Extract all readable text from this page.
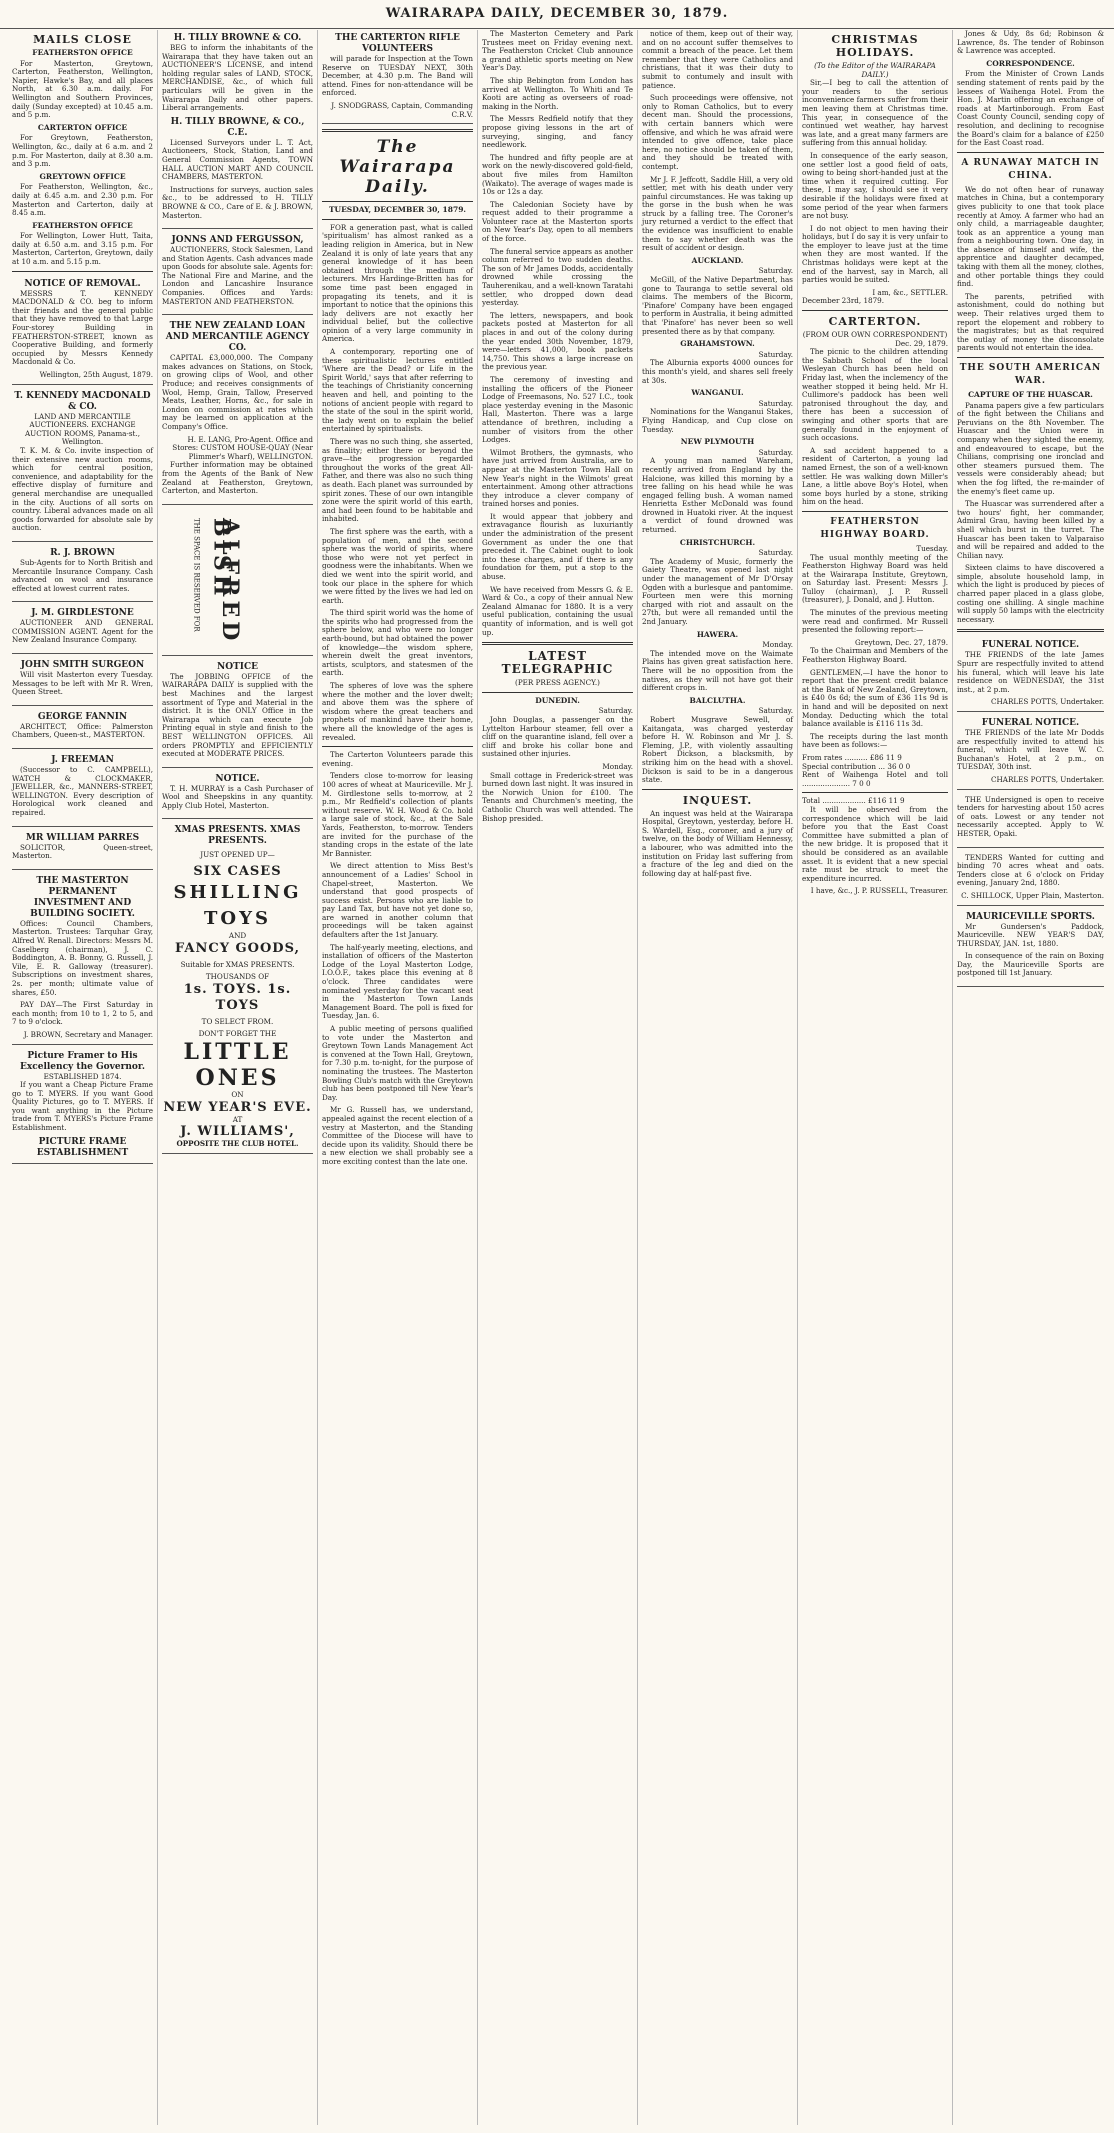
WAIRARAPA DAILY, DECEMBER 30, 1879.
MAILS CLOSE
FEATHERSTON OFFICE

For Masterton, Greytown, Carterton, Featherston, Wellington, Napier, Hawke's Bay, and all places North, at 6.30 a.m. daily. For Wellington and Southern Provinces, daily (Sunday excepted) at 10.45 a.m. and 5 p.m.

CARTERTON OFFICE

For Greytown, Featherston, Wellington, &c., daily at 6 a.m. and 2 p.m. For Masterton, daily at 8.30 a.m. and 3 p.m.

GREYTOWN OFFICE

For Featherston, Wellington, &c., daily at 6.45 a.m. and 2.30 p.m. For Masterton and Carterton, daily at 8.45 a.m.

FEATHERSTON OFFICE

For Wellington, Lower Hutt, Taita, daily at 6.50 a.m. and 3.15 p.m. For Masterton, Carterton, Greytown, daily at 10 a.m. and 5.15 p.m.

NOTICE OF REMOVAL.

MESSRS T. KENNEDY MACDONALD & CO. beg to inform their friends and the general public that they have removed to that Large Four-storey Building in FEATHERSTON-STREET, known as Cooperative Building, and formerly occupied by Messrs Kennedy Macdonald & Co.

Wellington, 25th August, 1879.
T. KENNEDY MACDONALD & CO.
LAND AND MERCANTILE AUCTIONEERS. EXCHANGE AUCTION ROOMS, Panama-st., Wellington.

T. K. M. & Co. invite inspection of their extensive new auction rooms, which for central position, convenience, and adaptability for the effective display of furniture and general merchandise are unequalled in the city. Auctions of all sorts on country. Liberal advances made on all goods forwarded for absolute sale by auction.

R. J. BROWN

Sub-Agents for to North British and Mercantile Insurance Company. Cash advanced on wool and insurance effected at lowest current rates.

J. M. GIRDLESTONE

AUCTIONEER AND GENERAL COMMISSION AGENT. Agent for the New Zealand Insurance Company.

JOHN SMITH SURGEON

Will visit Masterton every Tuesday. Messages to be left with Mr R. Wren, Queen Street.

GEORGE FANNIN

ARCHITECT, Office: Palmerston Chambers, Queen-st., MASTERTON.

J. FREEMAN

(Successor to C. CAMPBELL), WATCH & CLOCKMAKER, JEWELLER, &c., MANNERS-STREET, WELLINGTON. Every description of Horological work cleaned and repaired.

MR WILLIAM PARRES

SOLICITOR, Queen-street, Masterton.

THE MASTERTON PERMANENT INVESTMENT AND BUILDING SOCIETY.

Offices: Council Chambers, Masterton. Trustees: Tarquhar Gray, Alfred W. Renall. Directors: Messrs M. Caselberg (chairman), J. C. Boddington, A. B. Bonny, G. Russell, J. Vile, E. R. Galloway (treasurer). Subscriptions on investment shares, 2s. per month; ultimate value of shares, £50.

PAY DAY—The First Saturday in each month; from 10 to 1, 2 to 5, and 7 to 9 o'clock.

J. BROWN, Secretary and Manager.
Picture Framer to His Excellency the Governor.
ESTABLISHED 1874.

If you want a Cheap Picture Frame go to T. MYERS. If you want Good Quality Pictures, go to T. MYERS. If you want anything in the Picture trade from T. MYERS's Picture Frame Establishment.

PICTURE FRAME ESTABLISHMENT
H. TILLY BROWNE & CO.

BEG to inform the inhabitants of the Wairarapa that they have taken out an AUCTIONEER'S LICENSE, and intend holding regular sales of LAND, STOCK, MERCHANDISE, &c., of which full particulars will be given in the Wairarapa Daily and other papers. Liberal arrangements.

H. TILLY BROWNE, & CO., C.E.

Licensed Surveyors under L. T. Act, Auctioneers, Stock, Station, Land and General Commission Agents, TOWN HALL AUCTION MART AND COUNCIL CHAMBERS, MASTERTON.

Instructions for surveys, auction sales &c., to be addressed to H. TILLY BROWNE & CO., Care of E. & J. BROWN, Masterton.

JONNS AND FERGUSSON,

AUCTIONEERS, Stock Salesmen, Land and Station Agents. Cash advances made upon Goods for absolute sale. Agents for: The National Fire and Marine, and the London and Lancashire Insurance Companies. Offices and Yards: MASTERTON AND FEATHERSTON.

THE NEW ZEALAND LOAN AND MERCANTILE AGENCY CO.

CAPITAL £3,000,000. The Company makes advances on Stations, on Stock, on growing clips of Wool, and other Produce; and receives consignments of Wool, Hemp, Grain, Tallow, Preserved Meats, Leather, Horns, &c., for sale in London on commission at rates which may be learned on application at the Company's Office.

H. E. LANG, Pro-Agent. Office and Stores: CUSTOM HOUSE-QUAY (Near Plimmer's Wharf), WELLINGTON.

Further information may be obtained from the Agents of the Bank of New Zealand at Featherston, Greytown, Carterton, and Masterton.

THE SPACE IS RESERVED FOR ALFRED BISH
NOTICE

The JOBBING OFFICE of the WAIRARAPA DAILY is supplied with the best Machines and the largest assortment of Type and Material in the district. It is the ONLY Office in the Wairarapa which can execute Job Printing equal in style and finish to the BEST WELLINGTON OFFICES. All orders PROMPTLY and EFFICIENTLY executed at MODERATE PRICES.

NOTICE.

T. H. MURRAY is a Cash Purchaser of Wool and Sheepskins in any quantity. Apply Club Hotel, Masterton.

XMAS PRESENTS. XMAS PRESENTS.
JUST OPENED UP—
SIX CASES
SHILLING TOYS
AND
FANCY GOODS,
Suitable for XMAS PRESENTS.
THOUSANDS OF
1s. TOYS. 1s. TOYS
TO SELECT FROM.
DON'T FORGET THE
LITTLE ONES
ON
NEW YEAR'S EVE.
AT
J. WILLIAMS',
OPPOSITE THE CLUB HOTEL.
THE CARTERTON RIFLE VOLUNTEERS

will parade for Inspection at the Town Reserve on TUESDAY NEXT, 30th December, at 4.30 p.m. The Band will attend. Fines for non-attendance will be enforced.

J. SNODGRASS, Captain, Commanding C.R.V.
The Wairarapa Daily.
TUESDAY, DECEMBER 30, 1879.

FOR a generation past, what is called 'spiritualism' has almost ranked as a leading religion in America, but in New Zealand it is only of late years that any general knowledge of it has been obtained through the medium of lecturers. Mrs Hardinge-Britten has for some time past been engaged in propagating its tenets, and it is important to notice that the opinions this lady delivers are not exactly her individual belief, but the collective opinion of a very large community in America.

A contemporary, reporting one of these spiritualistic lectures entitled 'Where are the Dead? or Life in the Spirit World,' says that after referring to the teachings of Christianity concerning heaven and hell, and pointing to the notions of ancient people with regard to the state of the soul in the spirit world, the lady went on to explain the belief entertained by spiritualists.

There was no such thing, she asserted, as finality; either there or beyond the grave—the progression regarded throughout the works of the great All-Father, and there was also no such thing as death. Each planet was surrounded by spirit zones. These of our own intangible zone were the spirit world of this earth, and had been found to be habitable and inhabited.

The first sphere was the earth, with a population of men, and the second sphere was the world of spirits, where those who were not yet perfect in goodness were the inhabitants. When we died we went into the spirit world, and took our place in the sphere for which we were fitted by the lives we had led on earth.

The third spirit world was the home of the spirits who had progressed from the sphere below, and who were no longer earth-bound, but had obtained the power of knowledge—the wisdom sphere, wherein dwelt the great inventors, artists, sculptors, and statesmen of the earth.

The spheres of love was the sphere where the mother and the lover dwelt; and above them was the sphere of wisdom where the great teachers and prophets of mankind have their home, where all the knowledge of the ages is revealed.

The Carterton Volunteers parade this evening.

Tenders close to-morrow for leasing 100 acres of wheat at Mauriceville. Mr J. M. Girdlestone sells to-morrow, at 2 p.m., Mr Redfield's collection of plants without reserve. W. H. Wood & Co. hold a large sale of stock, &c., at the Sale Yards, Featherston, to-morrow. Tenders are invited for the purchase of the standing crops in the estate of the late Mr Bannister.

We direct attention to Miss Best's announcement of a Ladies' School in Chapel-street, Masterton. We understand that good prospects of success exist. Persons who are liable to pay Land Tax, but have not yet done so, are warned in another column that proceedings will be taken against defaulters after the 1st January.

The half-yearly meeting, elections, and installation of officers of the Masterton Lodge of the Loyal Masterton Lodge, I.O.O.F., takes place this evening at 8 o'clock. Three candidates were nominated yesterday for the vacant seat in the Masterton Town Lands Management Board. The poll is fixed for Tuesday, Jan. 6.

A public meeting of persons qualified to vote under the Masterton and Greytown Town Lands Management Act is convened at the Town Hall, Greytown, for 7.30 p.m. to-night, for the purpose of nominating the trustees. The Masterton Bowling Club's match with the Greytown club has been postponed till New Year's Day.

Mr G. Russell has, we understand, appealed against the recent election of a vestry at Masterton, and the Standing Committee of the Diocese will have to decide upon its validity. Should there be a new election we shall probably see a more exciting contest than the late one.

The Masterton Cemetery and Park Trustees meet on Friday evening next. The Featherston Cricket Club announce a grand athletic sports meeting on New Year's Day.

The ship Bebington from London has arrived at Wellington. To Whiti and Te Kooti are acting as overseers of road-making in the North.

The Messrs Redfield notify that they propose giving lessons in the art of surveying, singing, and fancy needlework.

The hundred and fifty people are at work on the newly-discovered gold-field, about five miles from Hamilton (Waikato). The average of wages made is 10s or 12s a day.

The Caledonian Society have by request added to their programme a Volunteer race at the Masterton sports on New Year's Day, open to all members of the force.

The funeral service appears as another column referred to two sudden deaths. The son of Mr James Dodds, accidentally drowned while crossing the Tauherenikau, and a well-known Taratahi settler, who dropped down dead yesterday.

The letters, newspapers, and book packets posted at Masterton for all places in and out of the colony during the year ended 30th November, 1879, were—letters 41,000, book packets 14,750. This shows a large increase on the previous year.

The ceremony of investing and installing the officers of the Pioneer Lodge of Freemasons, No. 527 I.C., took place yesterday evening in the Masonic Hall, Masterton. There was a large attendance of brethren, including a number of visitors from the other Lodges.

Wilmot Brothers, the gymnasts, who have just arrived from Australia, are to appear at the Masterton Town Hall on New Year's night in the Wilmots' great entertainment. Among other attractions they introduce a clever company of trained horses and ponies.

It would appear that jobbery and extravagance flourish as luxuriantly under the administration of the present Government as under the one that preceded it. The Cabinet ought to look into these charges, and if there is any foundation for them, put a stop to the abuse.

We have received from Messrs G. & E. Ward & Co., a copy of their annual New Zealand Almanac for 1880. It is a very useful publication, containing the usual quantity of information, and is well got up.

LATEST TELEGRAPHIC
(PER PRESS AGENCY.)
DUNEDIN.
Saturday.

John Douglas, a passenger on the Lyttelton Harbour steamer, fell over a cliff on the quarantine island, fell over a cliff and broke his collar bone and sustained other injuries.

Monday.

Small cottage in Frederick-street was burned down last night. It was insured in the Norwich Union for £100. The Tenants and Churchmen's meeting, the Catholic Church was well attended. The Bishop presided.

notice of them, keep out of their way, and on no account suffer themselves to commit a breach of the peace. Let them remember that they were Catholics and christians, that it was their duty to submit to contumely and insult with patience.

Such proceedings were offensive, not only to Roman Catholics, but to every decent man. Should the processions, with certain banners which were offensive, and which he was afraid were intended to give offence, take place here, no notice should be taken of them, and they should be treated with contempt.

Mr J. F. Jeffcott, Saddle Hill, a very old settler, met with his death under very painful circumstances. He was taking up the gorse in the bush when he was struck by a falling tree. The Coroner's jury returned a verdict to the effect that the evidence was insufficient to enable them to say whether death was the result of accident or design.

AUCKLAND.
Saturday.

McGill, of the Native Department, has gone to Tauranga to settle several old claims. The members of the Bicorm, 'Pinafore' Company have been engaged to perform in Australia, it being admitted that 'Pinafore' has never been so well presented there as by that company.

GRAHAMSTOWN.
Saturday.

The Alburnia exports 4000 ounces for this month's yield, and shares sell freely at 30s.

WANGANUI.
Saturday.

Nominations for the Wanganui Stakes, Flying Handicap, and Cup close on Tuesday.

NEW PLYMOUTH
Saturday.

A young man named Wareham, recently arrived from England by the Halcione, was killed this morning by a tree falling on his head while he was engaged felling bush. A woman named Henrietta Esther McDonald was found drowned in Huatoki river. At the inquest a verdict of found drowned was returned.

CHRISTCHURCH.
Saturday.

The Academy of Music, formerly the Gaiety Theatre, was opened last night under the management of Mr D'Orsay Ogden with a burlesque and pantomime. Fourteen men were this morning charged with riot and assault on the 27th, but were all remanded until the 2nd January.

HAWERA.
Monday.

The intended move on the Waimate Plains has given great satisfaction here. There will be no opposition from the natives, as they will not have got their different crops in.

BALCLUTHA.
Saturday.

Robert Musgrave Sewell, of Kaitangata, was charged yesterday before H. W. Robinson and Mr J. S. Fleming, J.P., with violently assaulting Robert Dickson, a blacksmith, by striking him on the head with a shovel. Dickson is said to be in a dangerous state.

INQUEST.

An inquest was held at the Wairarapa Hospital, Greytown, yesterday, before H. S. Wardell, Esq., coroner, and a jury of twelve, on the body of William Hennessy, a labourer, who was admitted into the institution on Friday last suffering from a fracture of the leg and died on the following day at half-past five.

CHRISTMAS HOLIDAYS.
(To the Editor of the WAIRARAPA DAILY.)

Sir,—I beg to call the attention of your readers to the serious inconvenience farmers suffer from their men leaving them at Christmas time. This year, in consequence of the continued wet weather, hay harvest was late, and a great many farmers are suffering from this annual holiday.

In consequence of the early season, one settler lost a good field of oats, owing to being short-handed just at the time when it required cutting. For these, I may say, I should see it very desirable if the holidays were fixed at some period of the year when farmers are not busy.

I do not object to men having their holidays, but I do say it is very unfair to the employer to leave just at the time when they are most wanted. If the Christmas holidays were kept at the end of the harvest, say in March, all parties would be suited.

I am, &c., SETTLER.
December 23rd, 1879.
CARTERTON.
(FROM OUR OWN CORRESPONDENT)
Dec. 29, 1879.

The picnic to the children attending the Sabbath School of the local Wesleyan Church has been held on Friday last, when the inclemency of the weather stopped it being held. Mr H. Cullimore's paddock has been well patronised throughout the day, and there has been a succession of swinging and other sports that are generally found in the enjoyment of such occasions.

A sad accident happened to a resident of Carterton, a young lad named Ernest, the son of a well-known settler. He was walking down Miller's Lane, a little above Boy's Hotel, when some boys hurled by a stone, striking him on the head.

FEATHERSTON HIGHWAY BOARD.
Tuesday.

The usual monthly meeting of the Featherston Highway Board was held at the Wairarapa Institute, Greytown, on Saturday last. Present: Messrs J. Tulloy (chairman), J. P. Russell (treasurer), J. Donald, and J. Hutton.

The minutes of the previous meeting were read and confirmed. Mr Russell presented the following report:—

Greytown, Dec. 27, 1879.

To the Chairman and Members of the Featherston Highway Board.

GENTLEMEN,—I have the honor to report that the present credit balance at the Bank of New Zealand, Greytown, is £40 0s 6d; the sum of £36 11s 9d is in hand and will be deposited on next Monday. Deducting which the total balance available is £116 11s 3d.

The receipts during the last month have been as follows:—

From rates .......... £86 11 9
Special contribution ... 36 0 0
Rent of Waihenga Hotel and toll ..................... 7 0 0
Total ................... £116 11 9

It will be observed from the correspondence which will be laid before you that the East Coast Committee have submitted a plan of the new bridge. It is proposed that it should be considered as an available asset. It is evident that a new special rate must be struck to meet the expenditure incurred.

I have, &c., J. P. RUSSELL, Treasurer.

Jones & Udy, 8s 6d; Robinson & Lawrence, 8s. The tender of Robinson & Lawrence was accepted.

CORRESPONDENCE.

From the Minister of Crown Lands sending statement of rents paid by the lessees of Waihenga Hotel. From the Hon. J. Martin offering an exchange of roads at Martinborough. From East Coast County Council, sending copy of resolution, and declining to recognise the Board's claim for a balance of £250 for the East Coast road.

A RUNAWAY MATCH IN CHINA.

We do not often hear of runaway matches in China, but a contemporary gives publicity to one that took place recently at Amoy. A farmer who had an only child, a marriageable daughter, took as an apprentice a young man from a neighbouring town. One day, in the absence of himself and wife, the apprentice and daughter decamped, taking with them all the money, clothes, and other portable things they could find.

The parents, petrified with astonishment, could do nothing but weep. Their relatives urged them to report the elopement and robbery to the magistrates; but as that required the outlay of money the disconsolate parents would not entertain the idea.

THE SOUTH AMERICAN WAR.
CAPTURE OF THE HUASCAR.

Panama papers give a few particulars of the fight between the Chilians and Peruvians on the 8th November. The Huascar and the Union were in company when they sighted the enemy, and endeavoured to escape, but the Chilians, comprising one ironclad and other steamers pursued them. The vessels were considerably ahead; but when the fog lifted, the re-mainder of the enemy's fleet came up.

The Huascar was surrendered after a two hours' fight, her commander, Admiral Grau, having been killed by a shell which burst in the turret. The Huascar has been taken to Valparaiso and will be repaired and added to the Chilian navy.

Sixteen claims to have discovered a simple, absolute household lamp, in which the light is produced by pieces of charred paper placed in a glass globe, costing one shilling. A single machine will supply 50 lamps with the electricity necessary.

FUNERAL NOTICE.

THE FRIENDS of the late James Spurr are respectfully invited to attend his funeral, which will leave his late residence on WEDNESDAY, the 31st inst., at 2 p.m.

CHARLES POTTS, Undertaker.
FUNERAL NOTICE.

THE FRIENDS of the late Mr Dodds are respectfully invited to attend his funeral, which will leave W. C. Buchanan's Hotel, at 2 p.m., on TUESDAY, 30th inst.

CHARLES POTTS, Undertaker.

THE Undersigned is open to receive tenders for harvesting about 150 acres of oats. Lowest or any tender not necessarily accepted. Apply to W. HESTER, Opaki.

TENDERS Wanted for cutting and binding 70 acres wheat and oats. Tenders close at 6 o'clock on Friday evening, January 2nd, 1880.

C. SHILLOCK, Upper Plain, Masterton.
MAURICEVILLE SPORTS.

Mr Gundersen's Paddock, Mauriceville. NEW YEAR'S DAY, THURSDAY, JAN. 1st, 1880.

In consequence of the rain on Boxing Day, the Mauriceville Sports are postponed till 1st January.
